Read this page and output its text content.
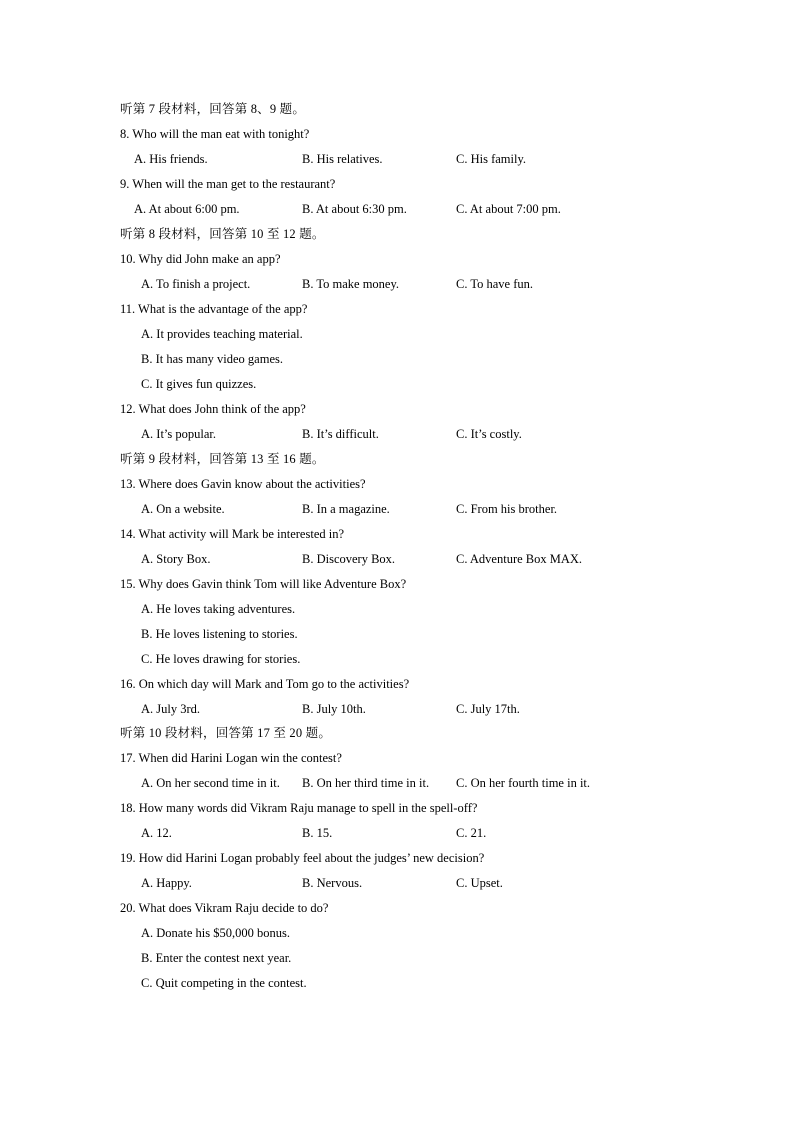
听第 7 段材料，回答第 8、9 题。
8. Who will the man eat with tonight?
A. His friends.	B. His relatives.	C. His family.
9. When will the man get to the restaurant?
A. At about 6:00 pm.	B. At about 6:30 pm.	C. At about 7:00 pm.
听第 8 段材料，回答第 10 至 12 题。
10. Why did John make an app?
A. To finish a project.	B. To make money.	C. To have fun.
11. What is the advantage of the app?
A. It provides teaching material.
B. It has many video games.
C. It gives fun quizzes.
12. What does John think of the app?
A. It’s popular.	B. It’s difficult.	C. It’s costly.
听第 9 段材料，回答第 13 至 16 题。
13. Where does Gavin know about the activities?
A. On a website.	B. In a magazine.	C. From his brother.
14. What activity will Mark be interested in?
A. Story Box.	B. Discovery Box.	C. Adventure Box MAX.
15. Why does Gavin think Tom will like Adventure Box?
A. He loves taking adventures.
B. He loves listening to stories.
C. He loves drawing for stories.
16. On which day will Mark and Tom go to the activities?
A. July 3rd.	B. July 10th.	C. July 17th.
听第 10 段材料，回答第 17 至 20 题。
17. When did Harini Logan win the contest?
A. On her second time in it. B. On her third time in it. C. On her fourth time in it.
18. How many words did Vikram Raju manage to spell in the spell-off?
A. 12.	B. 15.	C. 21.
19. How did Harini Logan probably feel about the judges’ new decision?
A. Happy.	B. Nervous.	C. Upset.
20. What does Vikram Raju decide to do?
A. Donate his $50,000 bonus.
B. Enter the contest next year.
C. Quit competing in the contest.
